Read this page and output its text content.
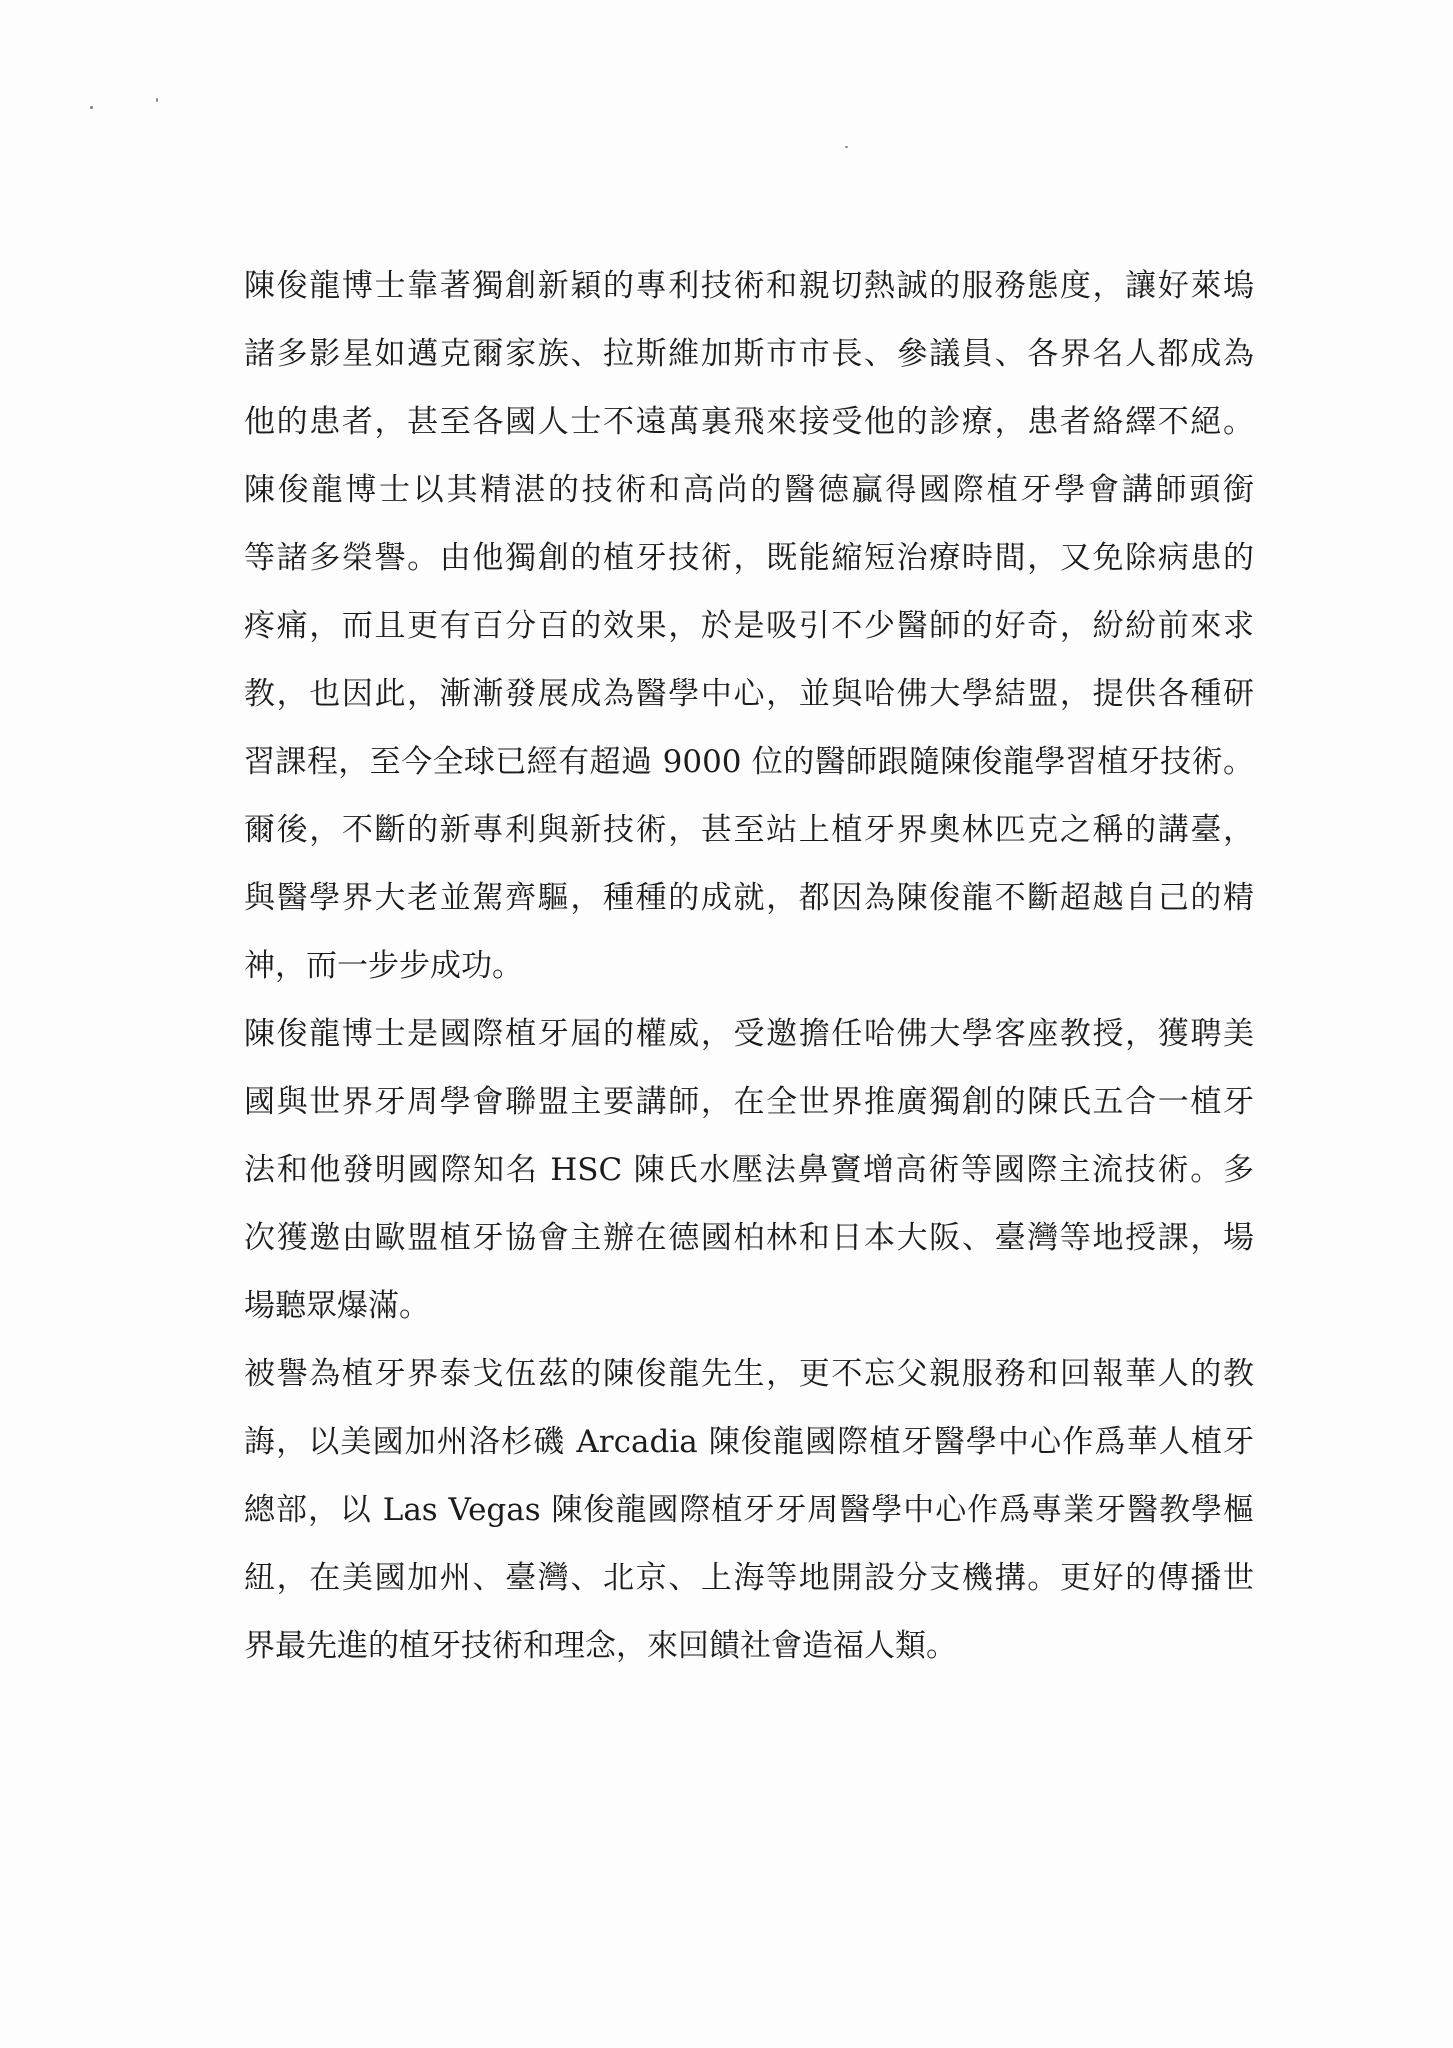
陳俊龍博士靠著獨創新穎的專利技術和親切熱誠的服務態度，讓好萊塢
諸多影星如邁克爾家族、拉斯維加斯市市長、參議員、各界名人都成為
他的患者，甚至各國人士不遠萬裏飛來接受他的診療，患者絡繹不絕。
陳俊龍博士以其精湛的技術和高尚的醫德贏得國際植牙學會講師頭銜
等諸多榮譽。由他獨創的植牙技術，既能縮短治療時間，又免除病患的
疼痛，而且更有百分百的效果，於是吸引不少醫師的好奇，紛紛前來求
教，也因此，漸漸發展成為醫學中心，並與哈佛大學結盟，提供各種研
習課程，至今全球已經有超過 9000 位的醫師跟隨陳俊龍學習植牙技術。
爾後，不斷的新專利與新技術，甚至站上植牙界奧林匹克之稱的講臺，
與醫學界大老並駕齊驅，種種的成就，都因為陳俊龍不斷超越自己的精
神，而一步步成功。
陳俊龍博士是國際植牙屆的權威，受邀擔任哈佛大學客座教授，獲聘美
國與世界牙周學會聯盟主要講師，在全世界推廣獨創的陳氏五合一植牙
法和他發明國際知名 HSC 陳氏水壓法鼻竇增高術等國際主流技術。多
次獲邀由歐盟植牙協會主辦在德國柏林和日本大阪、臺灣等地授課，場
場聽眾爆滿。
被譽為植牙界泰戈伍茲的陳俊龍先生，更不忘父親服務和回報華人的教
誨，以美國加州洛杉磯 Arcadia 陳俊龍國際植牙醫學中心作爲華人植牙
總部，以 Las Vegas 陳俊龍國際植牙牙周醫學中心作爲專業牙醫教學樞
紐，在美國加州、臺灣、北京、上海等地開設分支機搆。更好的傳播世
界最先進的植牙技術和理念，來回饋社會造福人類。
